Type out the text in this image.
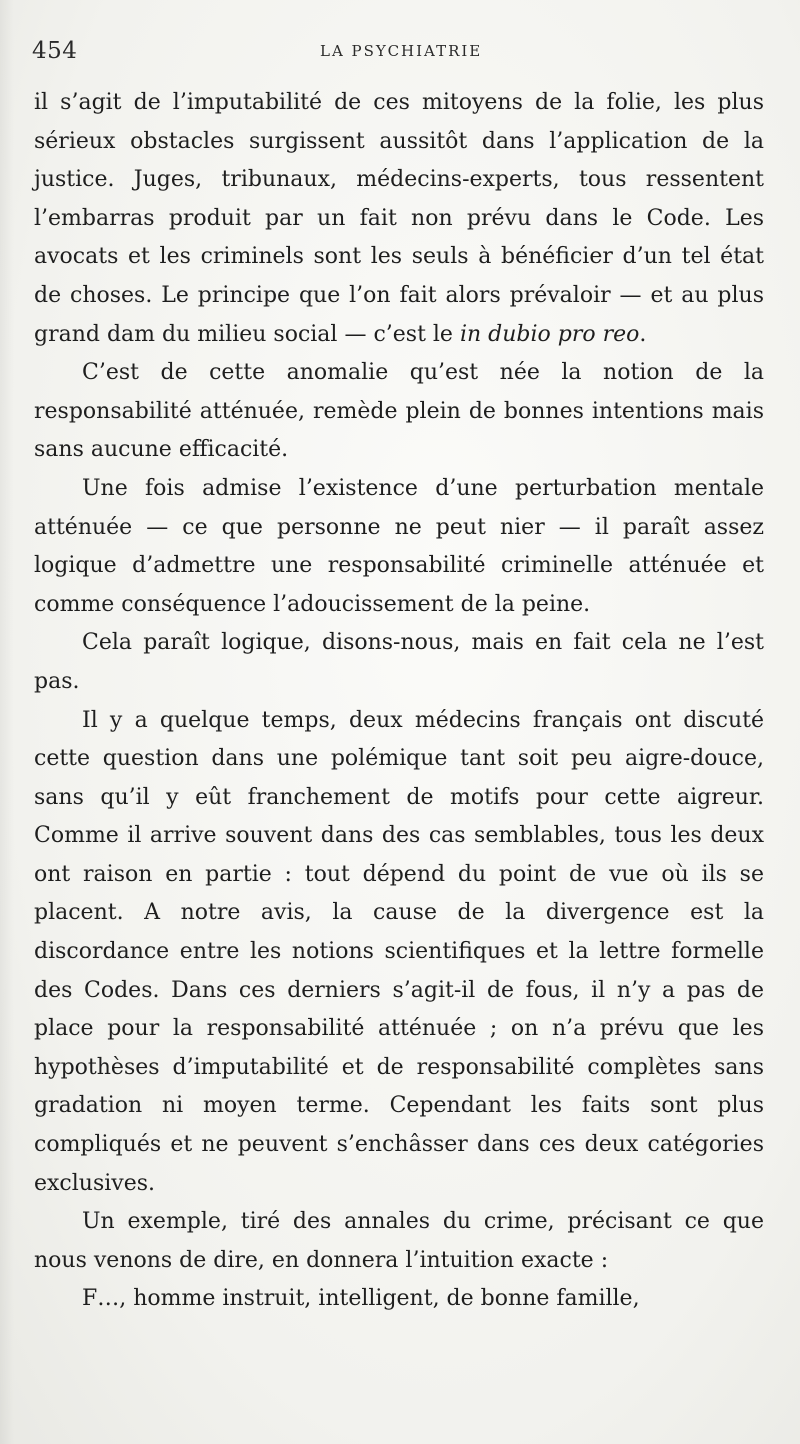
454	LA PSYCHIATRIE

il s’agit de l’imputabilité de ces mitoyens de la folie, les plus sérieux obstacles surgissent aussitôt dans l’application de la justice. Juges, tribunaux, médecins-experts, tous ressentent l’embarras produit par un fait non prévu dans le Code. Les avocats et les criminels sont les seuls à bénéficier d’un tel état de choses. Le principe que l’on fait alors prévaloir — et au plus grand dam du milieu social — c’est le in dubio pro reo.

C’est de cette anomalie qu’est née la notion de la responsabilité atténuée, remède plein de bonnes intentions mais sans aucune efficacité.

Une fois admise l’existence d’une perturbation mentale atténuée — ce que personne ne peut nier — il paraît assez logique d’admettre une responsabilité criminelle atténuée et comme conséquence l’adoucissement de la peine.

Cela paraît logique, disons-nous, mais en fait cela ne l’est pas.

Il y a quelque temps, deux médecins français ont discuté cette question dans une polémique tant soit peu aigre-douce, sans qu’il y eût franchement de motifs pour cette aigreur. Comme il arrive souvent dans des cas semblables, tous les deux ont raison en partie : tout dépend du point de vue où ils se placent. A notre avis, la cause de la divergence est la discordance entre les notions scientifiques et la lettre formelle des Codes. Dans ces derniers s’agit-il de fous, il n’y a pas de place pour la responsabilité atténuée ; on n’a prévu que les hypothèses d’imputabilité et de responsabilité complètes sans gradation ni moyen terme. Cependant les faits sont plus compliqués et ne peuvent s’enchâsser dans ces deux catégories exclusives.

Un exemple, tiré des annales du crime, précisant ce que nous venons de dire, en donnera l’intuition exacte :

F…, homme instruit, intelligent, de bonne famille,
